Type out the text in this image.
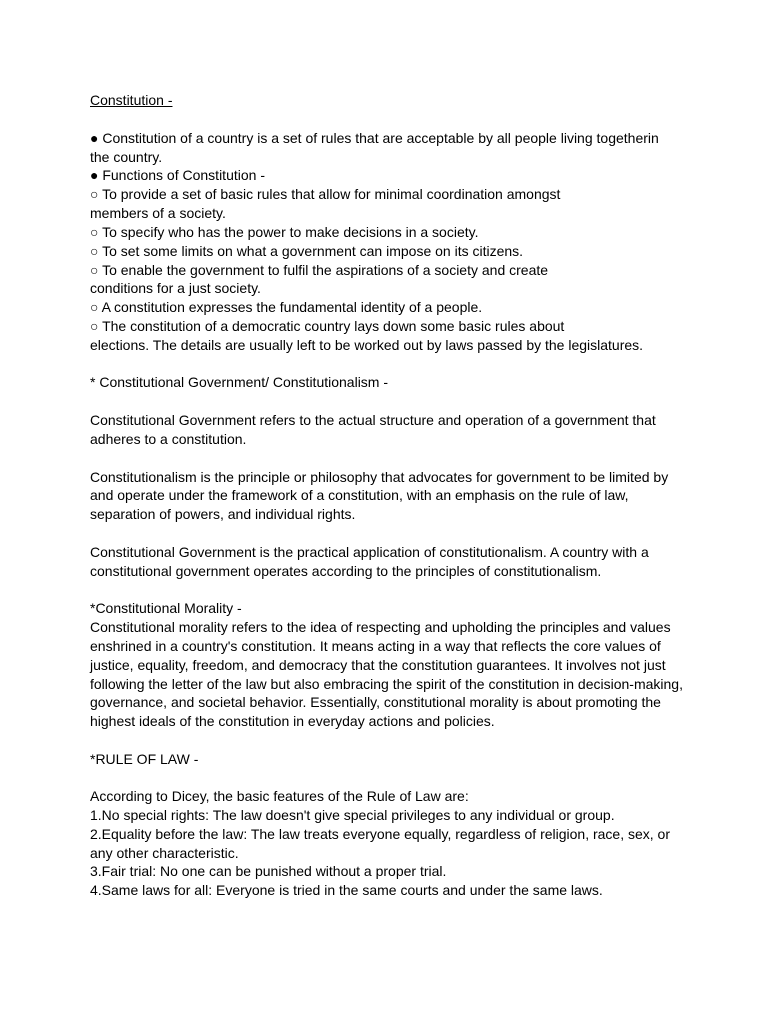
Constitution -
● Constitution of a country is a set of rules that are acceptable by all people living togetherin
the country.
● Functions of Constitution -
○ To provide a set of basic rules that allow for minimal coordination amongst
members of a society.
○ To specify who has the power to make decisions in a society.
○ To set some limits on what a government can impose on its citizens.
○ To enable the government to fulfil the aspirations of a society and create
conditions for a just society.
○ A constitution expresses the fundamental identity of a people.
○ The constitution of a democratic country lays down some basic rules about
elections. The details are usually left to be worked out by laws passed by the legislatures.
* Constitutional Government/ Constitutionalism -
Constitutional Government refers to the actual structure and operation of a government that
adheres to a constitution.
Constitutionalism is the principle or philosophy that advocates for government to be limited by
and operate under the framework of a constitution, with an emphasis on the rule of law,
separation of powers, and individual rights.
Constitutional Government is the practical application of constitutionalism. A country with a
constitutional government operates according to the principles of constitutionalism.
*Constitutional Morality -
Constitutional morality refers to the idea of respecting and upholding the principles and values
enshrined in a country's constitution. It means acting in a way that reflects the core values of
justice, equality, freedom, and democracy that the constitution guarantees. It involves not just
following the letter of the law but also embracing the spirit of the constitution in decision-making,
governance, and societal behavior. Essentially, constitutional morality is about promoting the
highest ideals of the constitution in everyday actions and policies.
*RULE OF LAW -
According to Dicey, the basic features of the Rule of Law are:
1.No special rights: The law doesn't give special privileges to any individual or group.
2.Equality before the law: The law treats everyone equally, regardless of religion, race, sex, or
any other characteristic.
3.Fair trial: No one can be punished without a proper trial.
4.Same laws for all: Everyone is tried in the same courts and under the same laws.
